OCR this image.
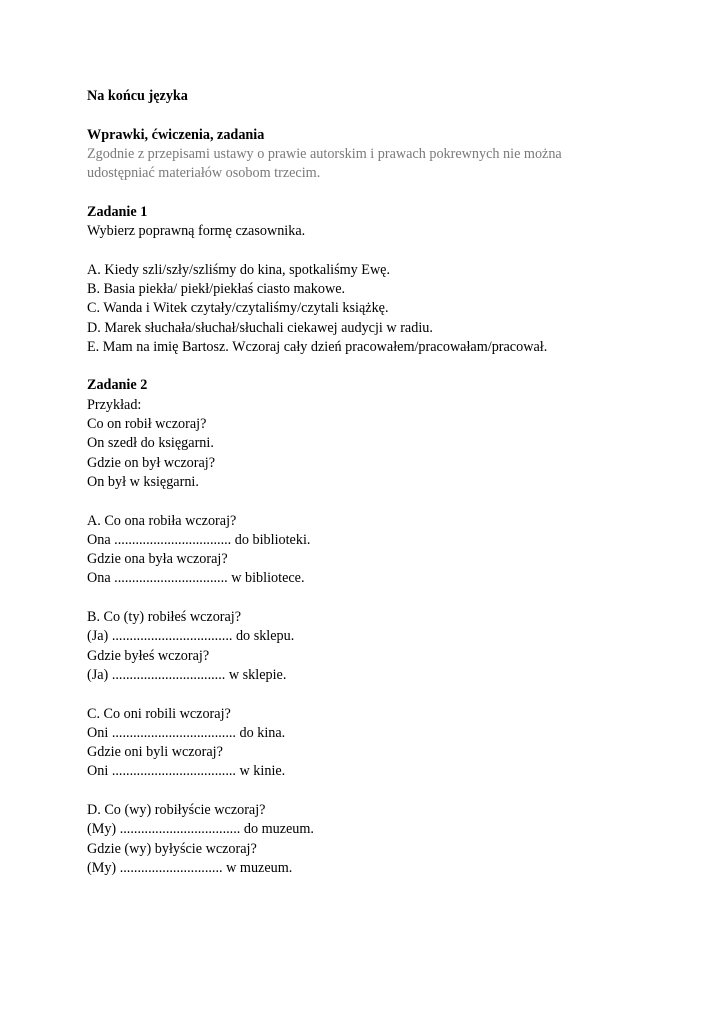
Na końcu języka

Wprawki, ćwiczenia, zadania

Zgodnie z przepisami ustawy o prawie autorskim i prawach pokrewnych nie można

udostępniać materiałów osobom trzecim.

Zadanie 1

Wybierz poprawną formę czasownika.

A. Kiedy szli/szły/szliśmy do kina, spotkaliśmy Ewę.

B. Basia piekła/ piekł/piekłaś ciasto makowe.

C. Wanda i Witek czytały/czytaliśmy/czytali książkę.

D. Marek słuchała/słuchał/słuchali ciekawej audycji w radiu.

E. Mam na imię Bartosz. Wczoraj cały dzień pracowałem/pracowałam/pracował.

Zadanie 2

Przykład:

Co on robił wczoraj?

On szedł do księgarni.

Gdzie on był wczoraj?

On był w księgarni.

A. Co ona robiła wczoraj?

Ona ................................. do biblioteki.

Gdzie ona była wczoraj?

Ona ................................ w bibliotece.

B. Co (ty) robiłeś wczoraj?

(Ja) .................................. do sklepu.

Gdzie byłeś wczoraj?

(Ja) ................................ w sklepie.

C. Co oni robili wczoraj?

Oni ................................... do kina.

Gdzie oni byli wczoraj?

Oni ................................... w kinie.

D. Co (wy) robiłyście wczoraj?

(My) .................................. do muzeum.

Gdzie (wy) byłyście wczoraj?

(My) ............................. w muzeum.
